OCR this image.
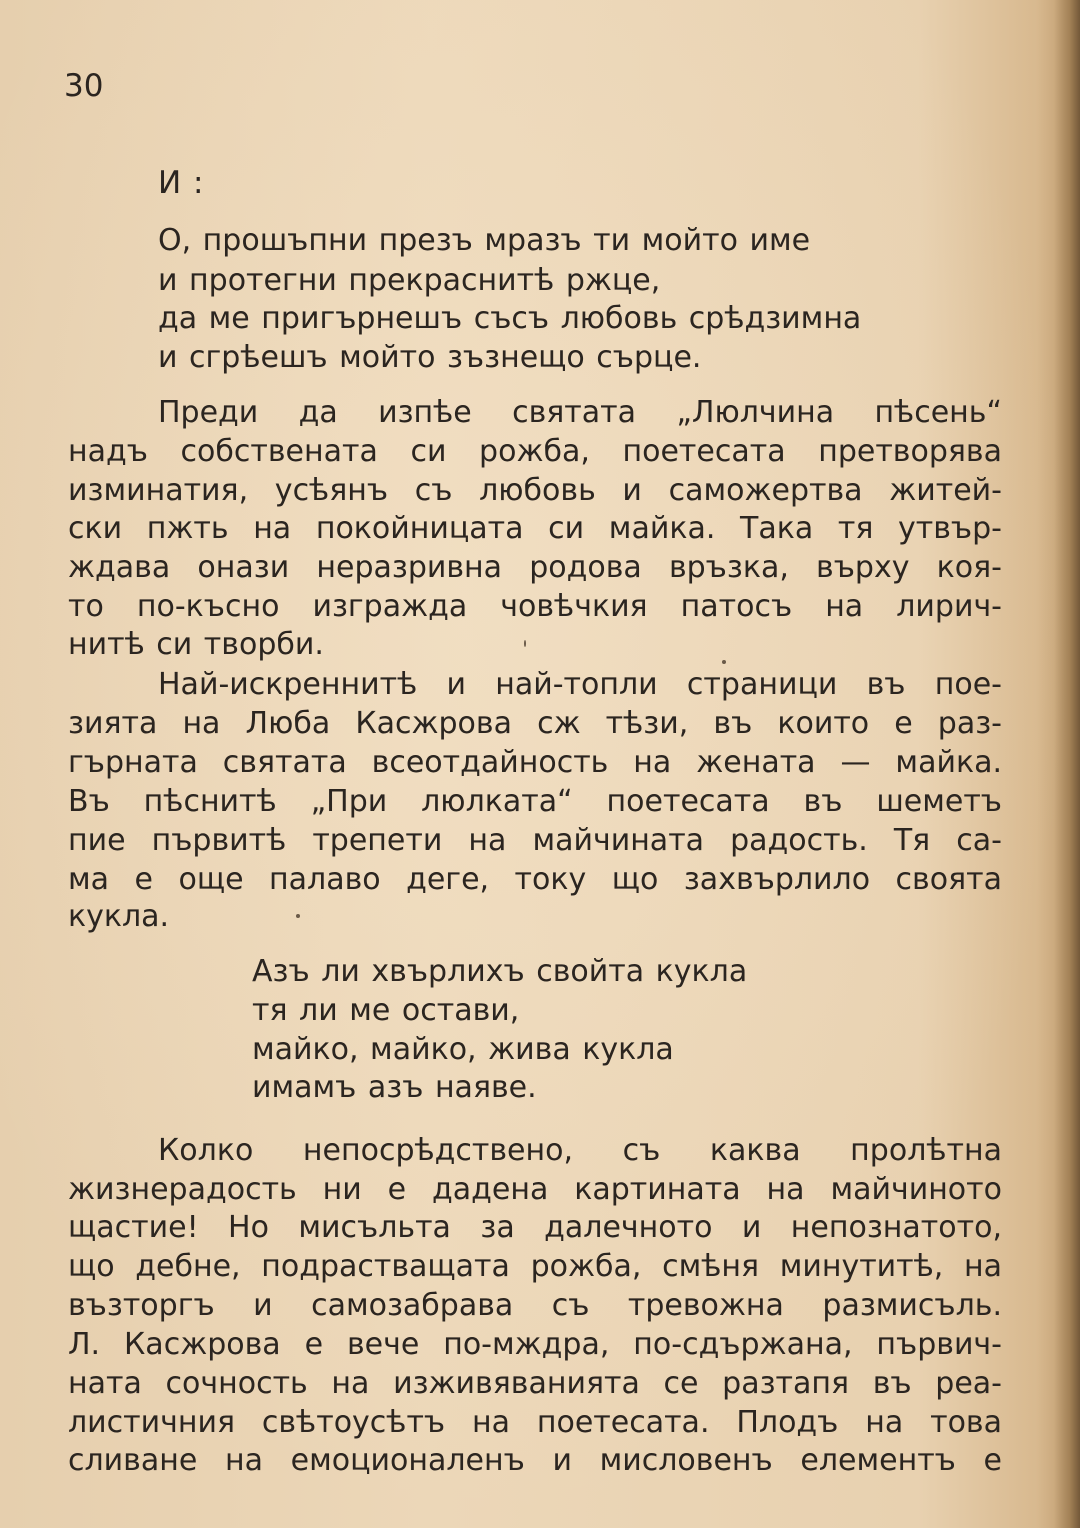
30
И :
О, прошъпни презъ мразъ ти мойто име
и протегни прекраснитѣ ржце,
да ме пригърнешъ съсъ любовь срѣдзимна
и сгрѣешъ мойто зъзнещо сърце.
Преди да изпѣе святата „Люлчина пѣсень“
надъ собствената си рожба, поетесата претворява
изминатия, усѣянъ съ любовь и саможертва житей-
ски пжть на покойницата си майка. Така тя утвър-
ждава онази неразривна родова връзка, върху коя-
то по-късно изгражда човѣчкия патосъ на лирич-
нитѣ си творби.
Най-искреннитѣ и най-топли страници въ пое-
зията на Люба Касжрова сж тѣзи, въ които е раз-
гърната святата всеотдайность на жената — майка.
Въ пѣснитѣ „При люлката“ поетесата въ шеметъ
пие първитѣ трепети на майчината радость. Тя са-
ма е още палаво деге, току що захвърлило своята
кукла.
Азъ ли хвърлихъ свойта кукла
тя ли ме остави,
майко, майко, жива кукла
имамъ азъ наяве.
Колко непосрѣдствено, съ каква пролѣтна
жизнерадость ни е дадена картината на майчиното
щастие! Но мисъльта за далечното и непознатото,
що дебне, подрастващата рожба, смѣня минутитѣ, на
възторгъ и самозабрава съ тревожна размисъль.
Л. Касжрова е вече по-мждра, по-сдържана, първич-
ната сочность на изживяванията се разтапя въ реа-
листичния свѣтоусѣтъ на поетесата. Плодъ на това
сливане на емоционаленъ и мисловенъ елементъ е
